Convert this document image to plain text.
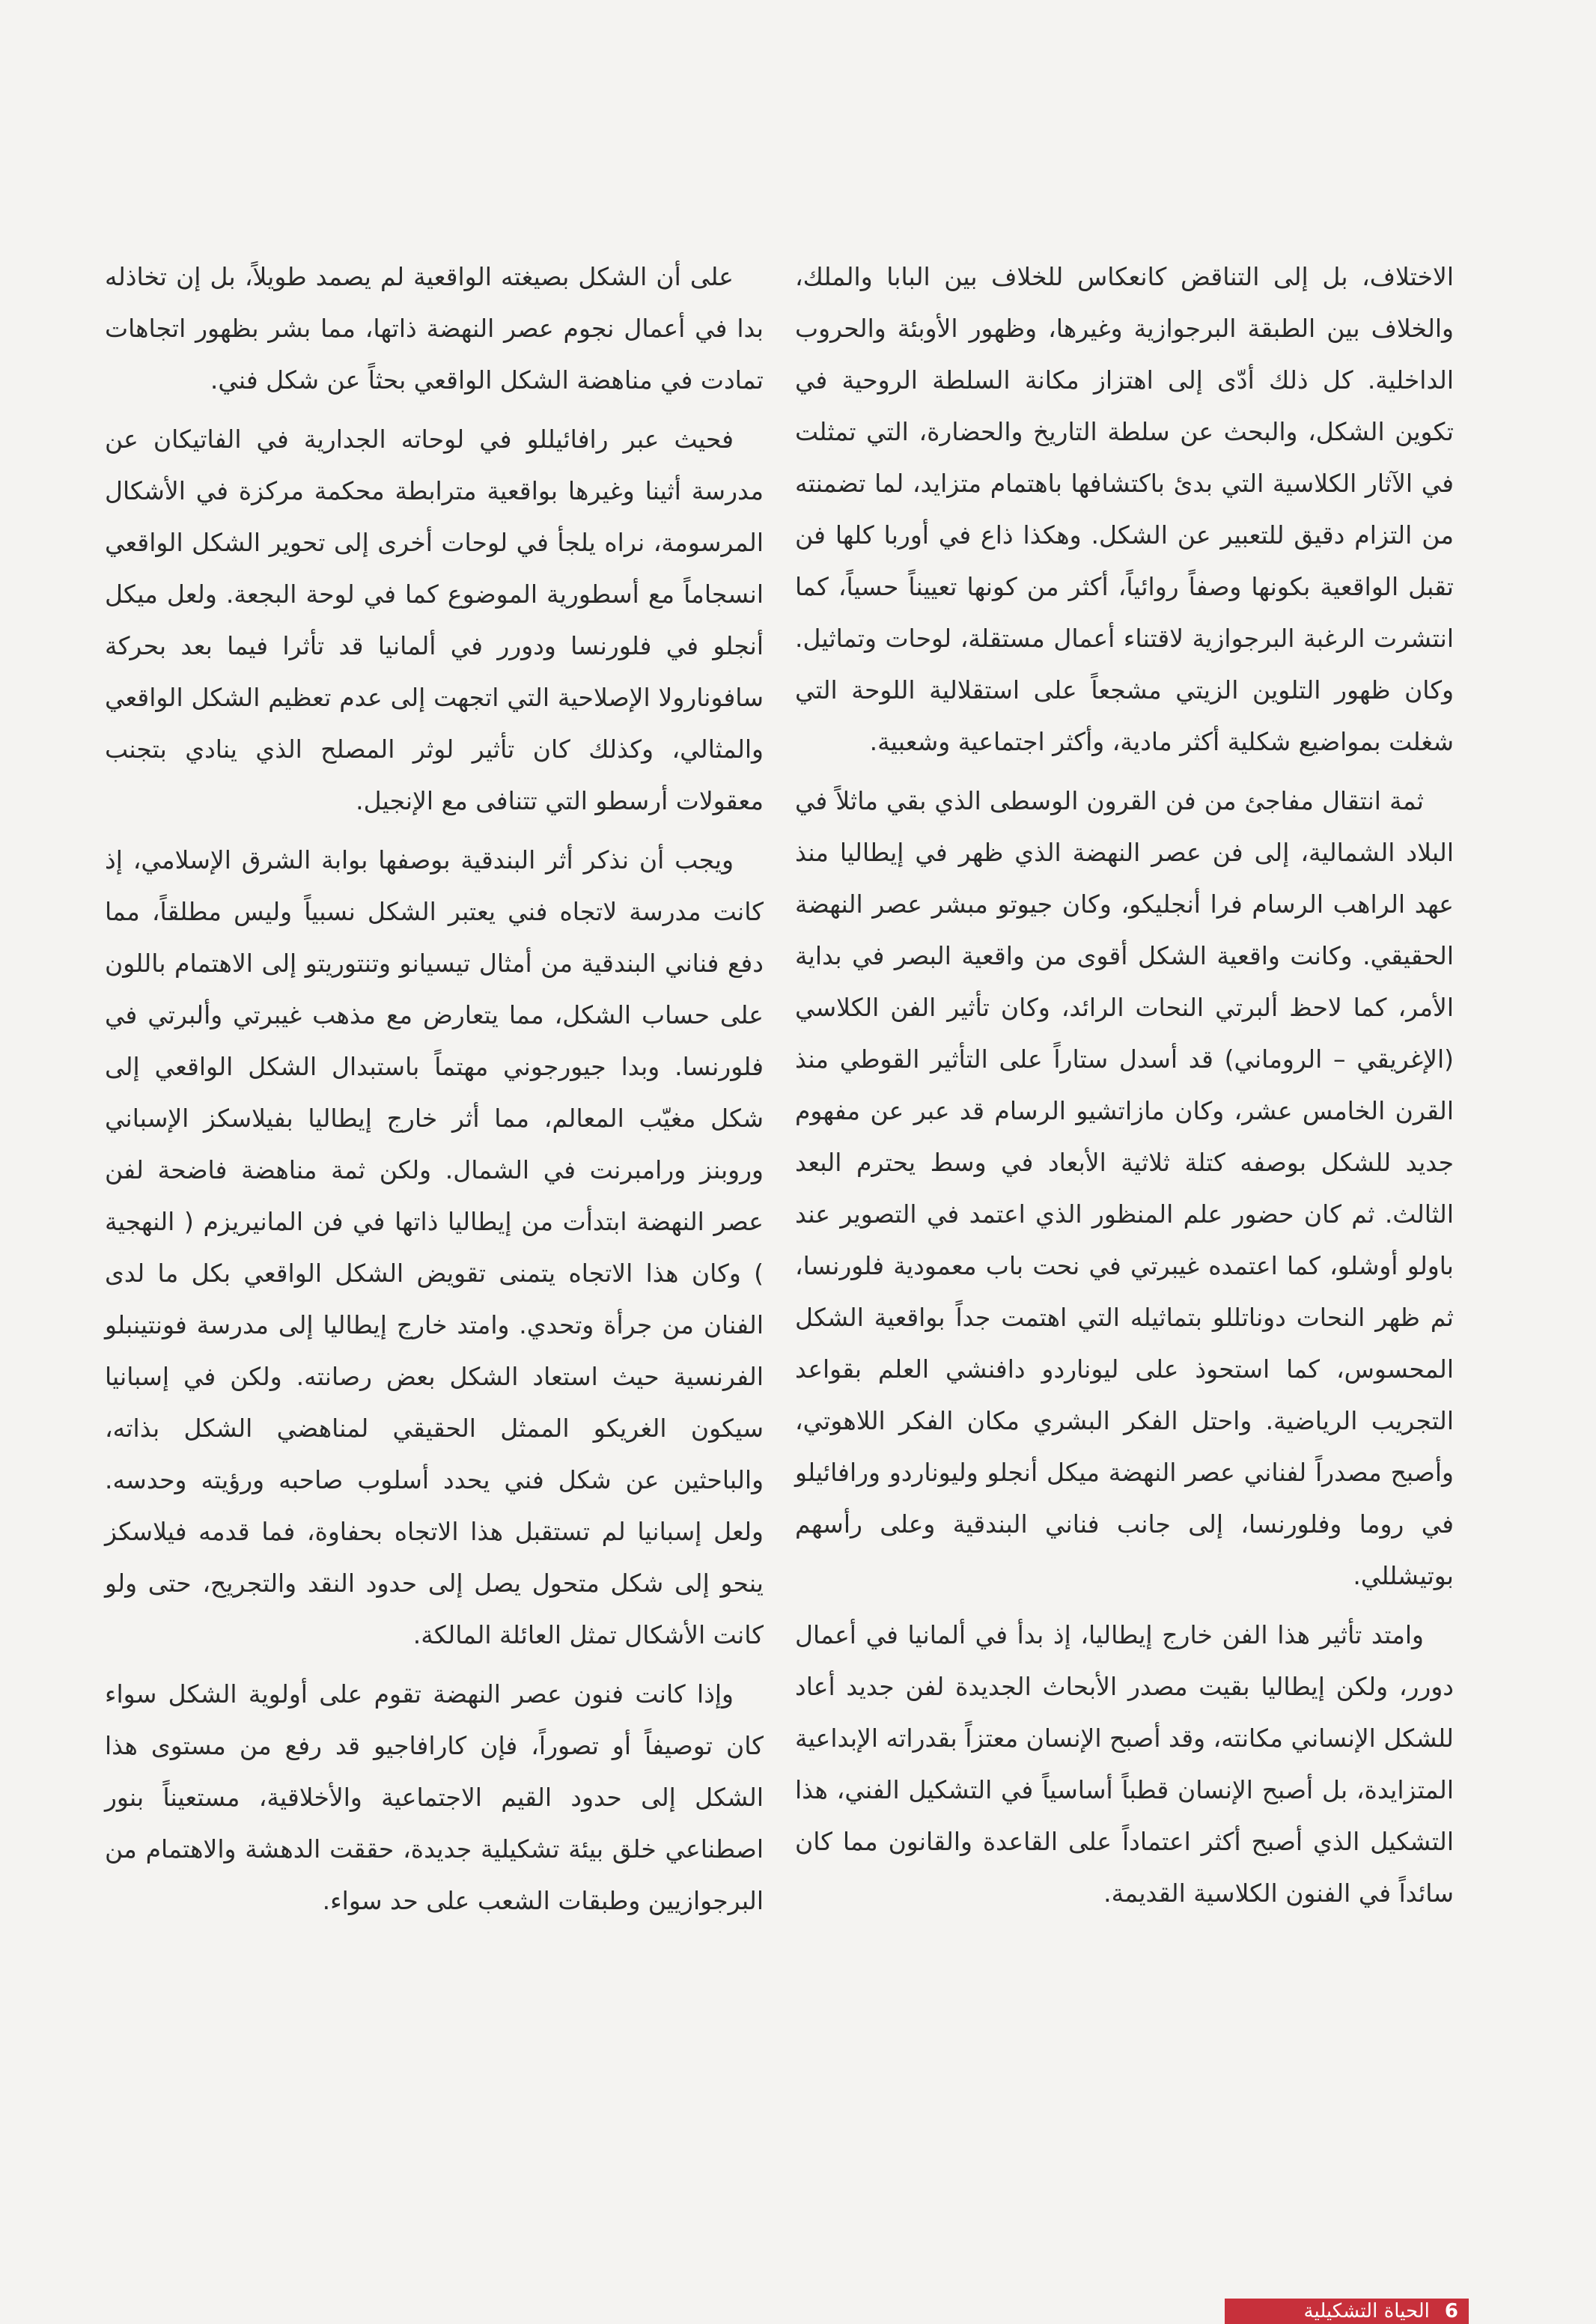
الاختلاف، بل إلى التناقض كانعكاس للخلاف بين البابا والملك، والخلاف بين الطبقة البرجوازية وغيرها، وظهور الأوبئة والحروب الداخلية. كل ذلك أدّى إلى اهتزاز مكانة السلطة الروحية في تكوين الشكل، والبحث عن سلطة التاريخ والحضارة، التي تمثلت في الآثار الكلاسية التي بدئ باكتشافها باهتمام متزايد، لما تضمنته من التزام دقيق للتعبير عن الشكل. وهكذا ذاع في أوربا كلها فن تقبل الواقعية بكونها وصفاً روائياً، أكثر من كونها تعييناً حسياً، كما انتشرت الرغبة البرجوازية لاقتناء أعمال مستقلة، لوحات وتماثيل. وكان ظهور التلوين الزيتي مشجعاً على استقلالية اللوحة التي شغلت بمواضيع شكلية أكثر مادية، وأكثر اجتماعية وشعبية.

ثمة انتقال مفاجئ من فن القرون الوسطى الذي بقي ماثلاً في البلاد الشمالية، إلى فن عصر النهضة الذي ظهر في إيطاليا منذ عهد الراهب الرسام فرا أنجليكو، وكان جيوتو مبشر عصر النهضة الحقيقي. وكانت واقعية الشكل أقوى من واقعية البصر في بداية الأمر، كما لاحظ ألبرتي النحات الرائد، وكان تأثير الفن الكلاسي (الإغريقي – الروماني) قد أسدل ستاراً على التأثير القوطي منذ القرن الخامس عشر، وكان مازاتشيو الرسام قد عبر عن مفهوم جديد للشكل بوصفه كتلة ثلاثية الأبعاد في وسط يحترم البعد الثالث. ثم كان حضور علم المنظور الذي اعتمد في التصوير عند باولو أوشلو، كما اعتمده غيبرتي في نحت باب معمودية فلورنسا، ثم ظهر النحات دوناتللو بتماثيله التي اهتمت جداً بواقعية الشكل المحسوس، كما استحوذ على ليوناردو دافنشي العلم بقواعد التجريب الرياضية. واحتل الفكر البشري مكان الفكر اللاهوتي، وأصبح مصدراً لفناني عصر النهضة ميكل أنجلو وليوناردو ورافائيلو في روما وفلورنسا، إلى جانب فناني البندقية وعلى رأسهم بوتيشللي.

وامتد تأثير هذا الفن خارج إيطاليا، إذ بدأ في ألمانيا في أعمال دورر، ولكن إيطاليا بقيت مصدر الأبحاث الجديدة لفن جديد أعاد للشكل الإنساني مكانته، وقد أصبح الإنسان معتزاً بقدراته الإبداعية المتزايدة، بل أصبح الإنسان قطباً أساسياً في التشكيل الفني، هذا التشكيل الذي أصبح أكثر اعتماداً على القاعدة والقانون مما كان سائداً في الفنون الكلاسية القديمة.

على أن الشكل بصيغته الواقعية لم يصمد طويلاً، بل إن تخاذله بدا في أعمال نجوم عصر النهضة ذاتها، مما بشر بظهور اتجاهات تمادت في مناهضة الشكل الواقعي بحثاً عن شكل فني.

فحيث عبر رافائيللو في لوحاته الجدارية في الفاتيكان عن مدرسة أثينا وغيرها بواقعية مترابطة محكمة مركزة في الأشكال المرسومة، نراه يلجأ في لوحات أخرى إلى تحوير الشكل الواقعي انسجاماً مع أسطورية الموضوع كما في لوحة البجعة. ولعل ميكل أنجلو في فلورنسا ودورر في ألمانيا قد تأثرا فيما بعد بحركة سافونارولا الإصلاحية التي اتجهت إلى عدم تعظيم الشكل الواقعي والمثالي، وكذلك كان تأثير لوثر المصلح الذي ينادي بتجنب معقولات أرسطو التي تتنافى مع الإنجيل.

ويجب أن نذكر أثر البندقية بوصفها بوابة الشرق الإسلامي، إذ كانت مدرسة لاتجاه فني يعتبر الشكل نسبياً وليس مطلقاً، مما دفع فناني البندقية من أمثال تيسيانو وتنتوريتو إلى الاهتمام باللون على حساب الشكل، مما يتعارض مع مذهب غيبرتي وألبرتي في فلورنسا. وبدا جيورجوني مهتماً باستبدال الشكل الواقعي إلى شكل مغيّب المعالم، مما أثر خارج إيطاليا بفيلاسكز الإسباني وروبنز ورامبرنت في الشمال. ولكن ثمة مناهضة فاضحة لفن عصر النهضة ابتدأت من إيطاليا ذاتها في فن المانيريزم ( النهجية ) وكان هذا الاتجاه يتمنى تقويض الشكل الواقعي بكل ما لدى الفنان من جرأة وتحدي. وامتد خارج إيطاليا إلى مدرسة فونتينبلو الفرنسية حيث استعاد الشكل بعض رصانته. ولكن في إسبانيا سيكون الغريكو الممثل الحقيقي لمناهضي الشكل بذاته، والباحثين عن شكل فني يحدد أسلوب صاحبه ورؤيته وحدسه. ولعل إسبانيا لم تستقبل هذا الاتجاه بحفاوة، فما قدمه فيلاسكز ينحو إلى شكل متحول يصل إلى حدود النقد والتجريح، حتى ولو كانت الأشكال تمثل العائلة المالكة.

وإذا كانت فنون عصر النهضة تقوم على أولوية الشكل سواء كان توصيفاً أو تصوراً، فإن كارافاجيو قد رفع من مستوى هذا الشكل إلى حدود القيم الاجتماعية والأخلاقية، مستعيناً بنور اصطناعي خلق بيئة تشكيلية جديدة، حققت الدهشة والاهتمام من البرجوازيين وطبقات الشعب على حد سواء.

6
الحياة التشكيلية
